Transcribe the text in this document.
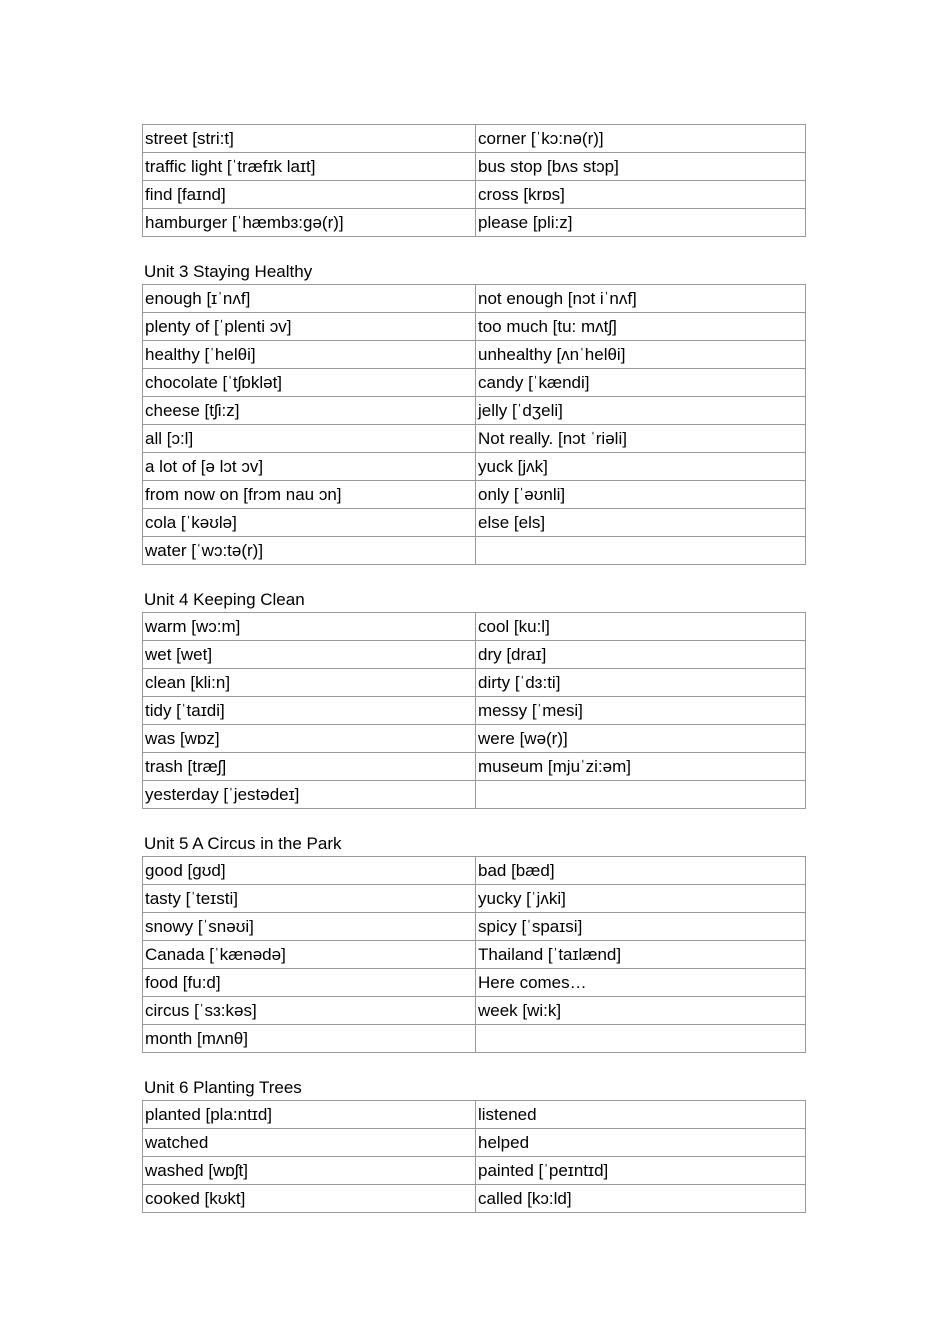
street [stri:t]	corner [ˈkɔ:nə(r)]
traffic light [ˈtræfɪk laɪt]	bus stop [bʌs stɔp]
find [faɪnd]	cross [krɒs]
hamburger [ˈhæmbɜ:gə(r)]	please [pli:z]
Unit 3 Staying Healthy
enough [ɪˈnʌf]	not enough [nɔt iˈnʌf]
plenty of [ˈplenti ɔv]	too much [tu: mʌtʃ]
healthy [ˈhelθi]	unhealthy [ʌnˈhelθi]
chocolate [ˈtʃɒklət]	candy [ˈkændi]
cheese [tʃi:z]	jelly [ˈdʒeli]
all [ɔ:l]	Not really. [nɔt ˈriəli]
a lot of [ə lɔt ɔv]	yuck [jʌk]
from now on [frɔm nau ɔn]	only [ˈəʊnli]
cola [ˈkəʊlə]	else [els]
water [ˈwɔ:tə(r)]	
Unit 4 Keeping Clean
warm [wɔ:m]	cool [ku:l]
wet [wet]	dry [draɪ]
clean [kli:n]	dirty [ˈdɜ:ti]
tidy [ˈtaɪdi]	messy [ˈmesi]
was [wɒz]	were [wə(r)]
trash [træʃ]	museum [mjuˈzi:əm]
yesterday [ˈjestədeɪ]	
Unit 5 A Circus in the Park
good [gʊd]	bad [bæd]
tasty [ˈteɪsti]	yucky [ˈjʌki]
snowy [ˈsnəʊi]	spicy [ˈspaɪsi]
Canada [ˈkænədə]	Thailand [ˈtaɪlænd]
food [fu:d]	Here comes…
circus [ˈsɜ:kəs]	week [wi:k]
month [mʌnθ]	
Unit 6 Planting Trees
planted [pla:ntɪd]	listened
watched	helped
washed [wɒʃt]	painted [ˈpeɪntɪd]
cooked [kʊkt]	called [kɔ:ld]
